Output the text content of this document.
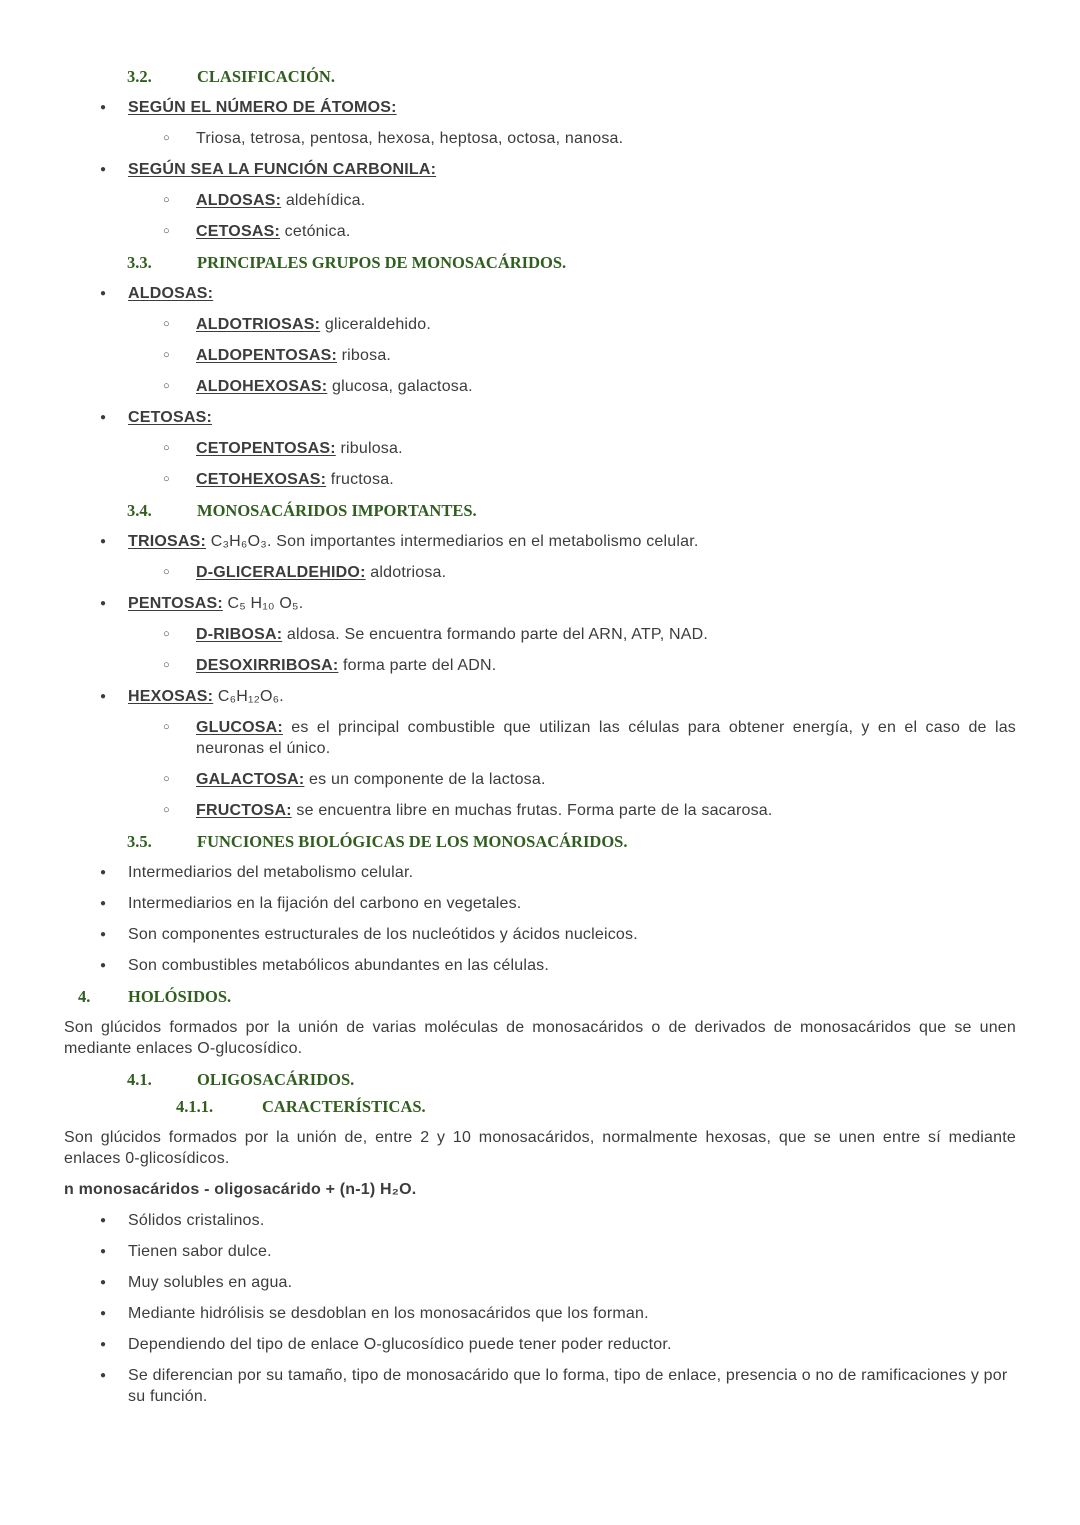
3.2.	CLASIFICACIÓN.
●	SEGÚN EL NÚMERO DE ÁTOMOS:
○	Triosa, tetrosa, pentosa, hexosa, heptosa, octosa, nanosa.
●	SEGÚN SEA LA FUNCIÓN CARBONILA:
○	ALDOSAS: aldehídica.
○	CETOSAS: cetónica.
3.3.	PRINCIPALES GRUPOS DE MONOSACÁRIDOS.
●	ALDOSAS:
○	ALDOTRIOSAS: gliceraldehido.
○	ALDOPENTOSAS: ribosa.
○	ALDOHEXOSAS: glucosa, galactosa.
●	CETOSAS:
○	CETOPENTOSAS: ribulosa.
○	CETOHEXOSAS: fructosa.
3.4.	MONOSACÁRIDOS IMPORTANTES.
●	TRIOSAS: C₃H₆O₃. Son importantes intermediarios en el metabolismo celular.
○	D-GLICERALDEHIDO: aldotriosa.
●	PENTOSAS: C₅ H₁₀ O₅.
○	D-RIBOSA: aldosa. Se encuentra formando parte del ARN, ATP, NAD.
○	DESOXIRRIBOSA: forma parte del ADN.
●	HEXOSAS: C₆H₁₂O₆.
○	GLUCOSA: es el principal combustible que utilizan las células para obtener energía, y en el caso de las neuronas el único.
○	GALACTOSA: es un componente de la lactosa.
○	FRUCTOSA: se encuentra libre en muchas frutas. Forma parte de la sacarosa.
3.5.	FUNCIONES BIOLÓGICAS DE LOS MONOSACÁRIDOS.
●	Intermediarios del metabolismo celular.
●	Intermediarios en la fijación del carbono en vegetales.
●	Son componentes estructurales de los nucleótidos y ácidos nucleicos.
●	Son combustibles metabólicos abundantes en las células.
4.	HOLÓSIDOS.

Son glúcidos formados por la unión de varias moléculas de monosacáridos o de derivados de monosacáridos que se unen mediante enlaces O-glucosídico.

4.1.	OLIGOSACÁRIDOS.
4.1.1.	CARACTERÍSTICAS.

Son glúcidos formados por la unión de, entre 2 y 10 monosacáridos, normalmente hexosas, que se unen entre sí mediante enlaces 0-glicosídicos.

n monosacáridos - oligosacárido + (n-1) H₂O.

●	Sólidos cristalinos.
●	Tienen sabor dulce.
●	Muy solubles en agua.
●	Mediante hidrólisis se desdoblan en los monosacáridos que los forman.
●	Dependiendo del tipo de enlace O-glucosídico puede tener poder reductor.
●	Se diferencian por su tamaño, tipo de monosacárido que lo forma, tipo de enlace, presencia o no de ramificaciones y por su función.
